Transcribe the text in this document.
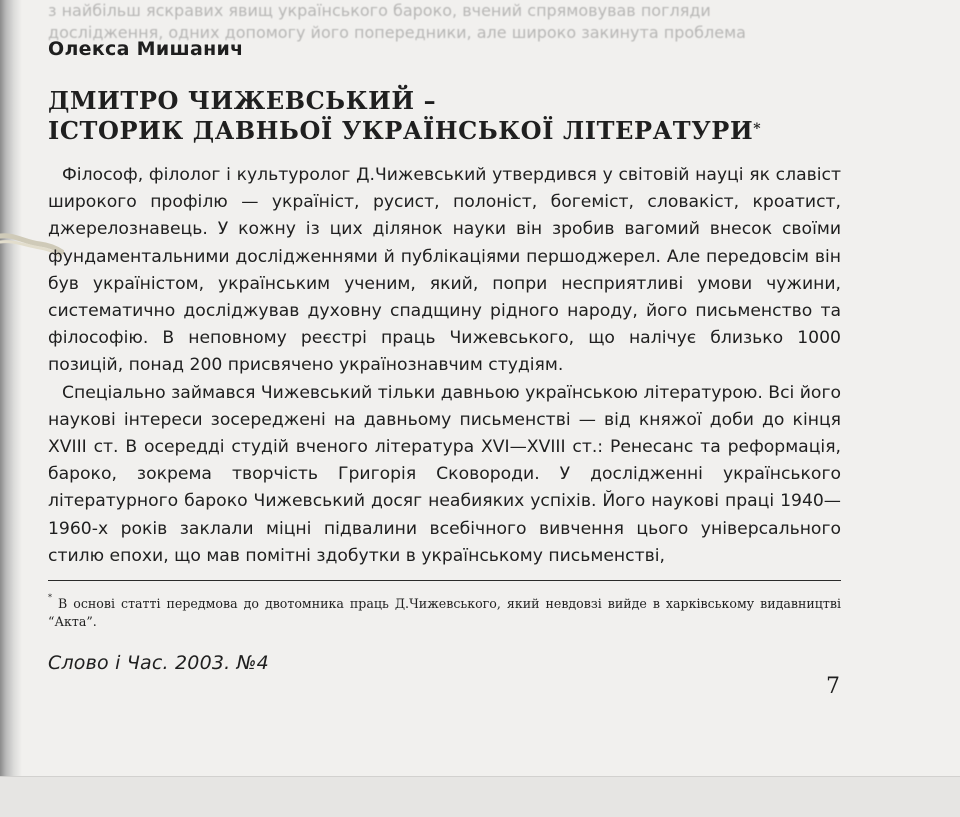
з найбільш яскравих явищ українського бароко, вчений спрямовував погляди
дослідження, одних допомогу його попередники, але широко закинута проблема
Олекса Мишанич
ДМИТРО ЧИЖЕВСЬКИЙ –
ІСТОРИК ДАВНЬОЇ УКРАЇНСЬКОЇ ЛІТЕРАТУРИ*

Філософ, філолог і культуролог Д.Чижевський утвердився у світовій науці як славіст широкого профілю — україніст, русист, полоніст, богеміст, словакіст, кроатист, джерелознавець. У кожну із цих ділянок науки він зробив вагомий внесок своїми фундаментальними дослідженнями й публікаціями першоджерел. Але передовсім він був україністом, українським ученим, який, попри несприятливі умови чужини, систематично досліджував духовну спадщину рідного народу, його письменство та філософію. В неповному реєстрі праць Чижевського, що налічує близько 1000 позицій, понад 200 присвячено українознавчим студіям.

Спеціально займався Чижевський тільки давньою українською літературою. Всі його наукові інтереси зосереджені на давньому письменстві — від княжої доби до кінця XVIII ст. В осередді студій вченого література XVI—XVIII ст.: Ренесанс та реформація, бароко, зокрема творчість Григорія Сковороди. У дослідженні українського літературного бароко Чижевський досяг неабияких успіхів. Його наукові праці 1940—1960-х років заклали міцні підвалини всебічного вивчення цього універсального стилю епохи, що мав помітні здобутки в українському письменстві,

* В основі статті передмова до двотомника праць Д.Чижевського, який невдовзі вийде в харківському видавництві “Акта”.
Слово і Час. 2003. №4
7
